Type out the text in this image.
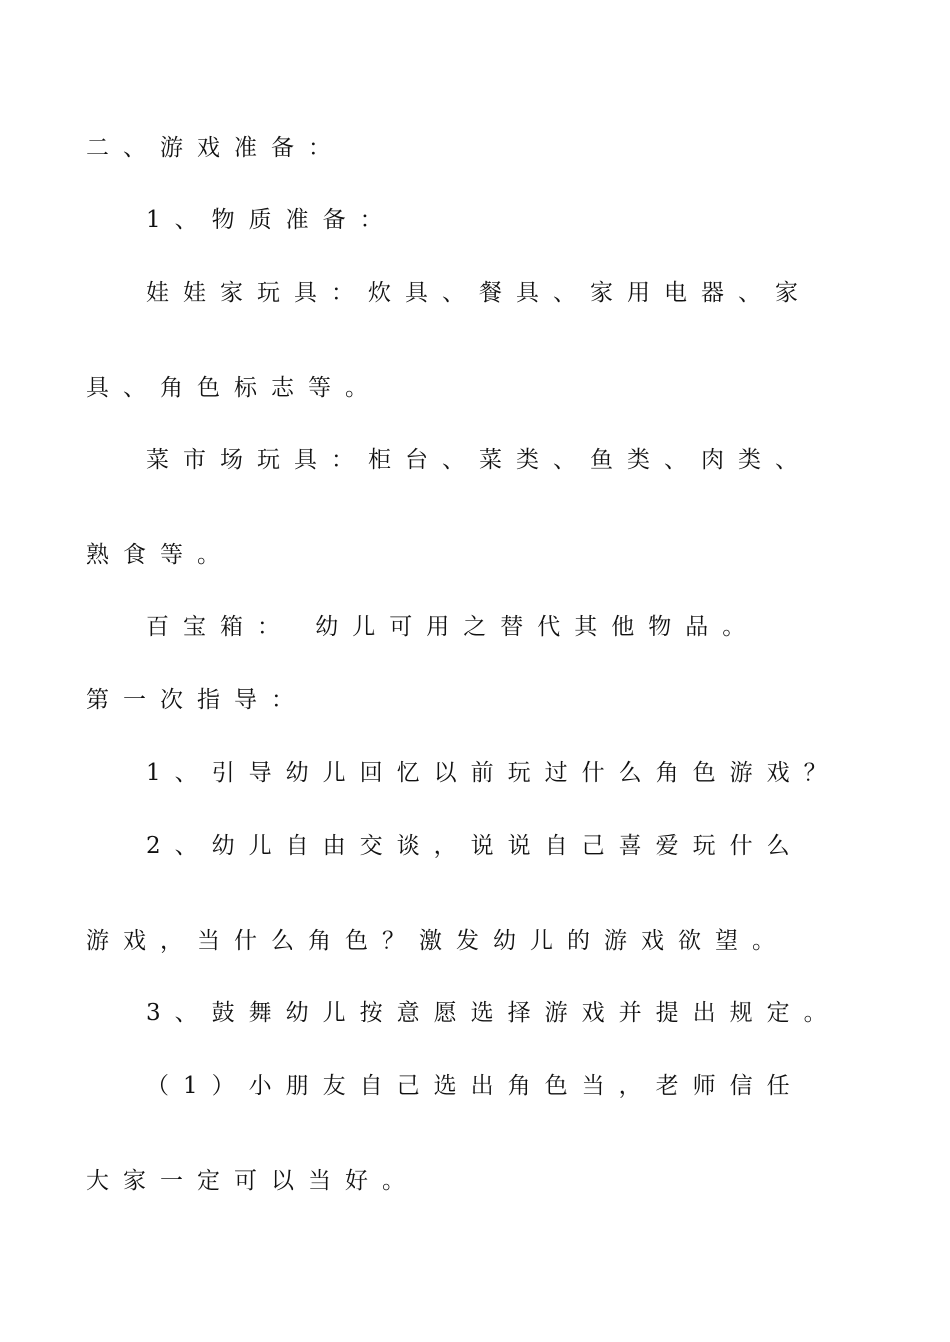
二、游戏准备：
1、物质准备：
娃娃家玩具：炊具、餐具、家用电器、家
具、角色标志等。
菜市场玩具：柜台、菜类、鱼类、肉类、
熟食等。
百宝箱： 幼儿可用之替代其他物品。
第一次指导：
1、引导幼儿回忆以前玩过什么角色游戏？
2、幼儿自由交谈，说说自己喜爱玩什么
游戏，当什么角色？激发幼儿的游戏欲望。
3、鼓舞幼儿按意愿选择游戏并提出规定。
（1）小朋友自己选出角色当，老师信任
大家一定可以当好。
